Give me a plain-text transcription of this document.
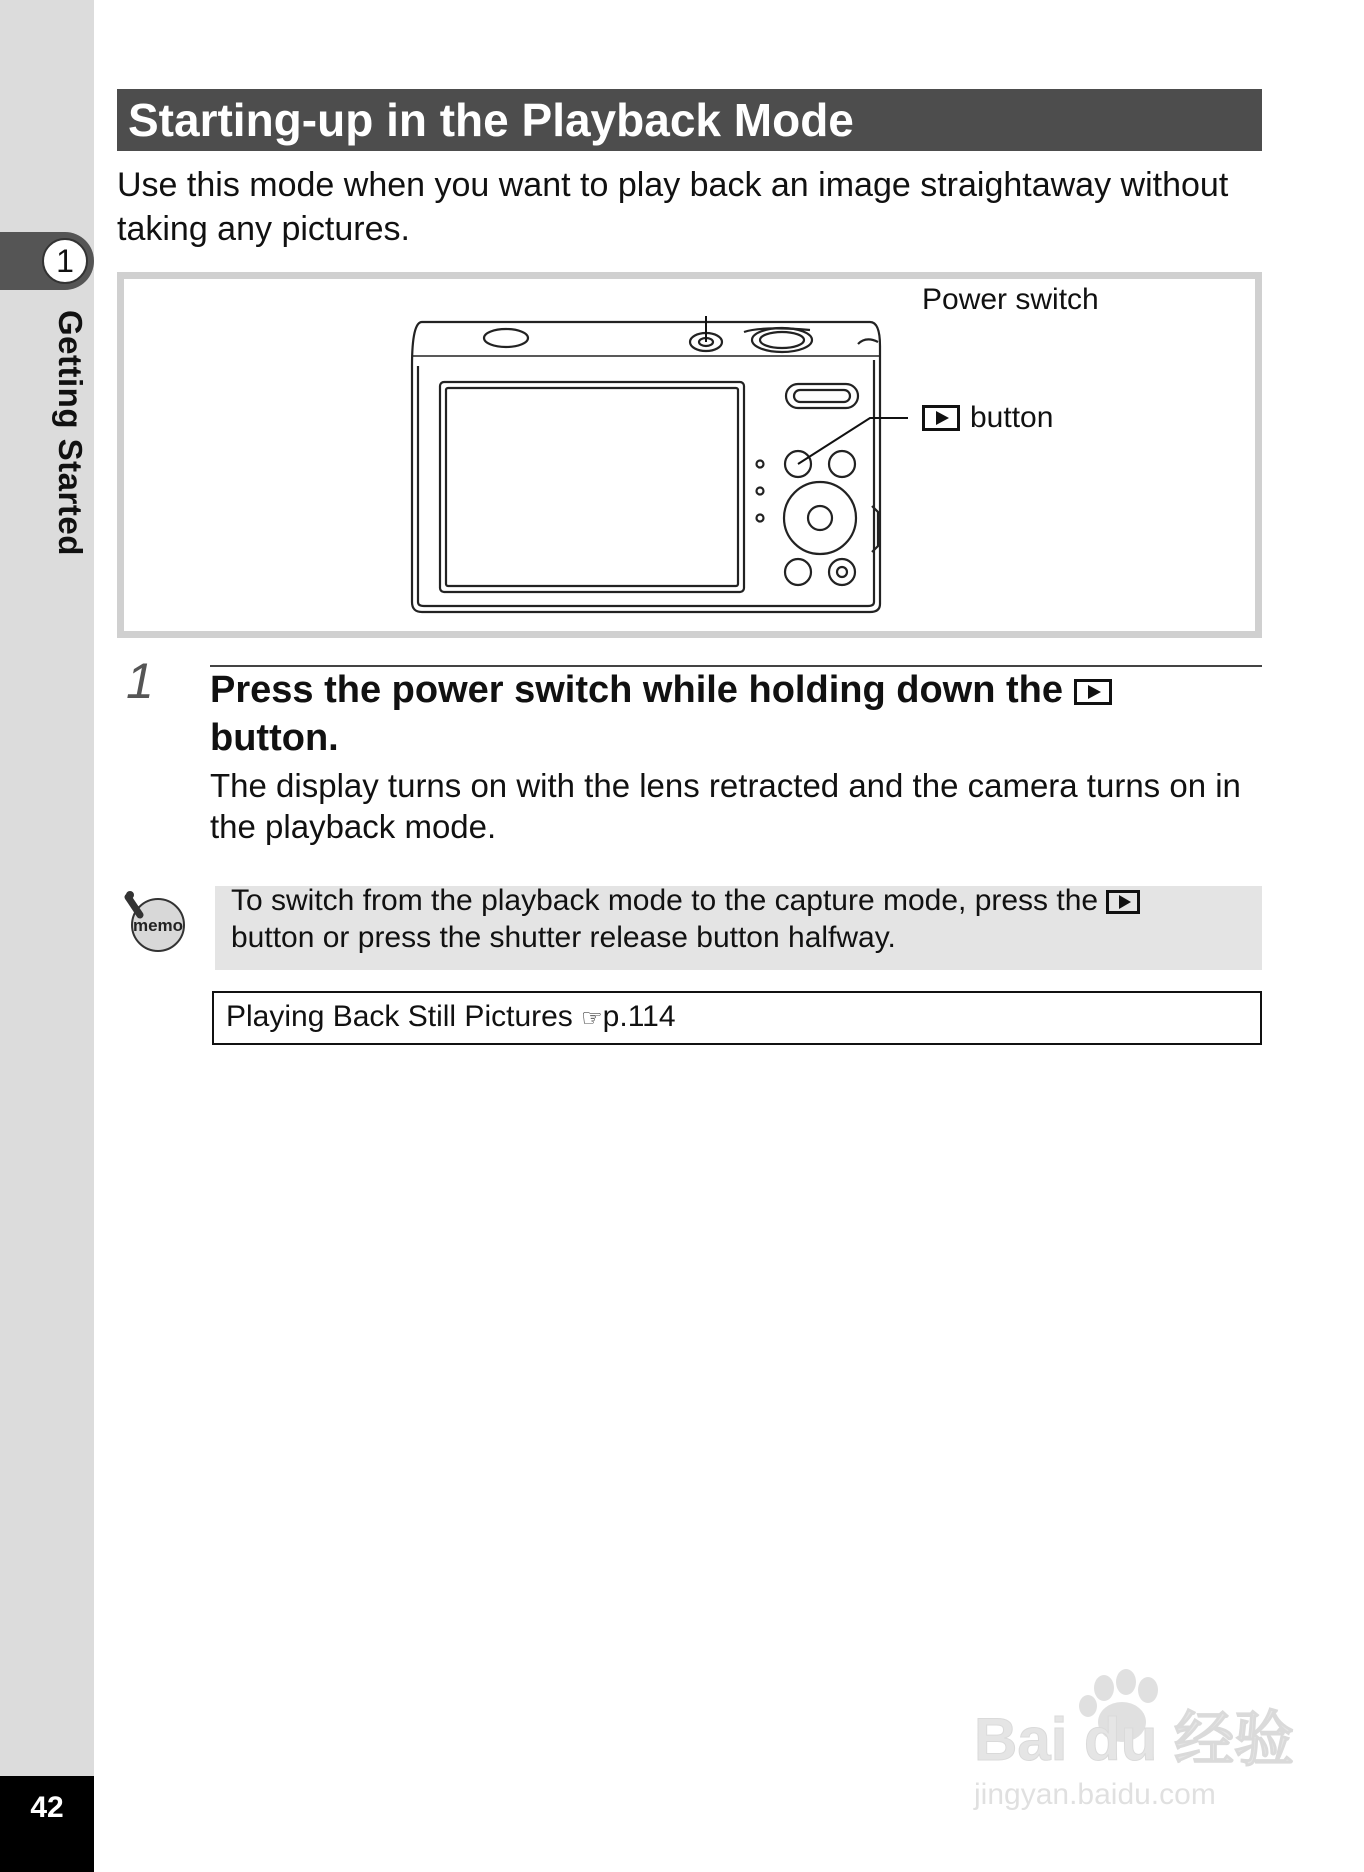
1
Getting Started
42
Starting-up in the Playback Mode

Use this mode when you want to play back an image straightaway without taking any pictures.

Power switch
button
1 Press the power switch while holding down the
button.

The display turns on with the lens retracted and the camera turns on in the playback mode.

memo

To switch from the playback mode to the capture mode, press the
button or press the shutter release button halfway.

Playing Back Still Pictures ☞p.114
Bai du 经验
jingyan.baidu.com
